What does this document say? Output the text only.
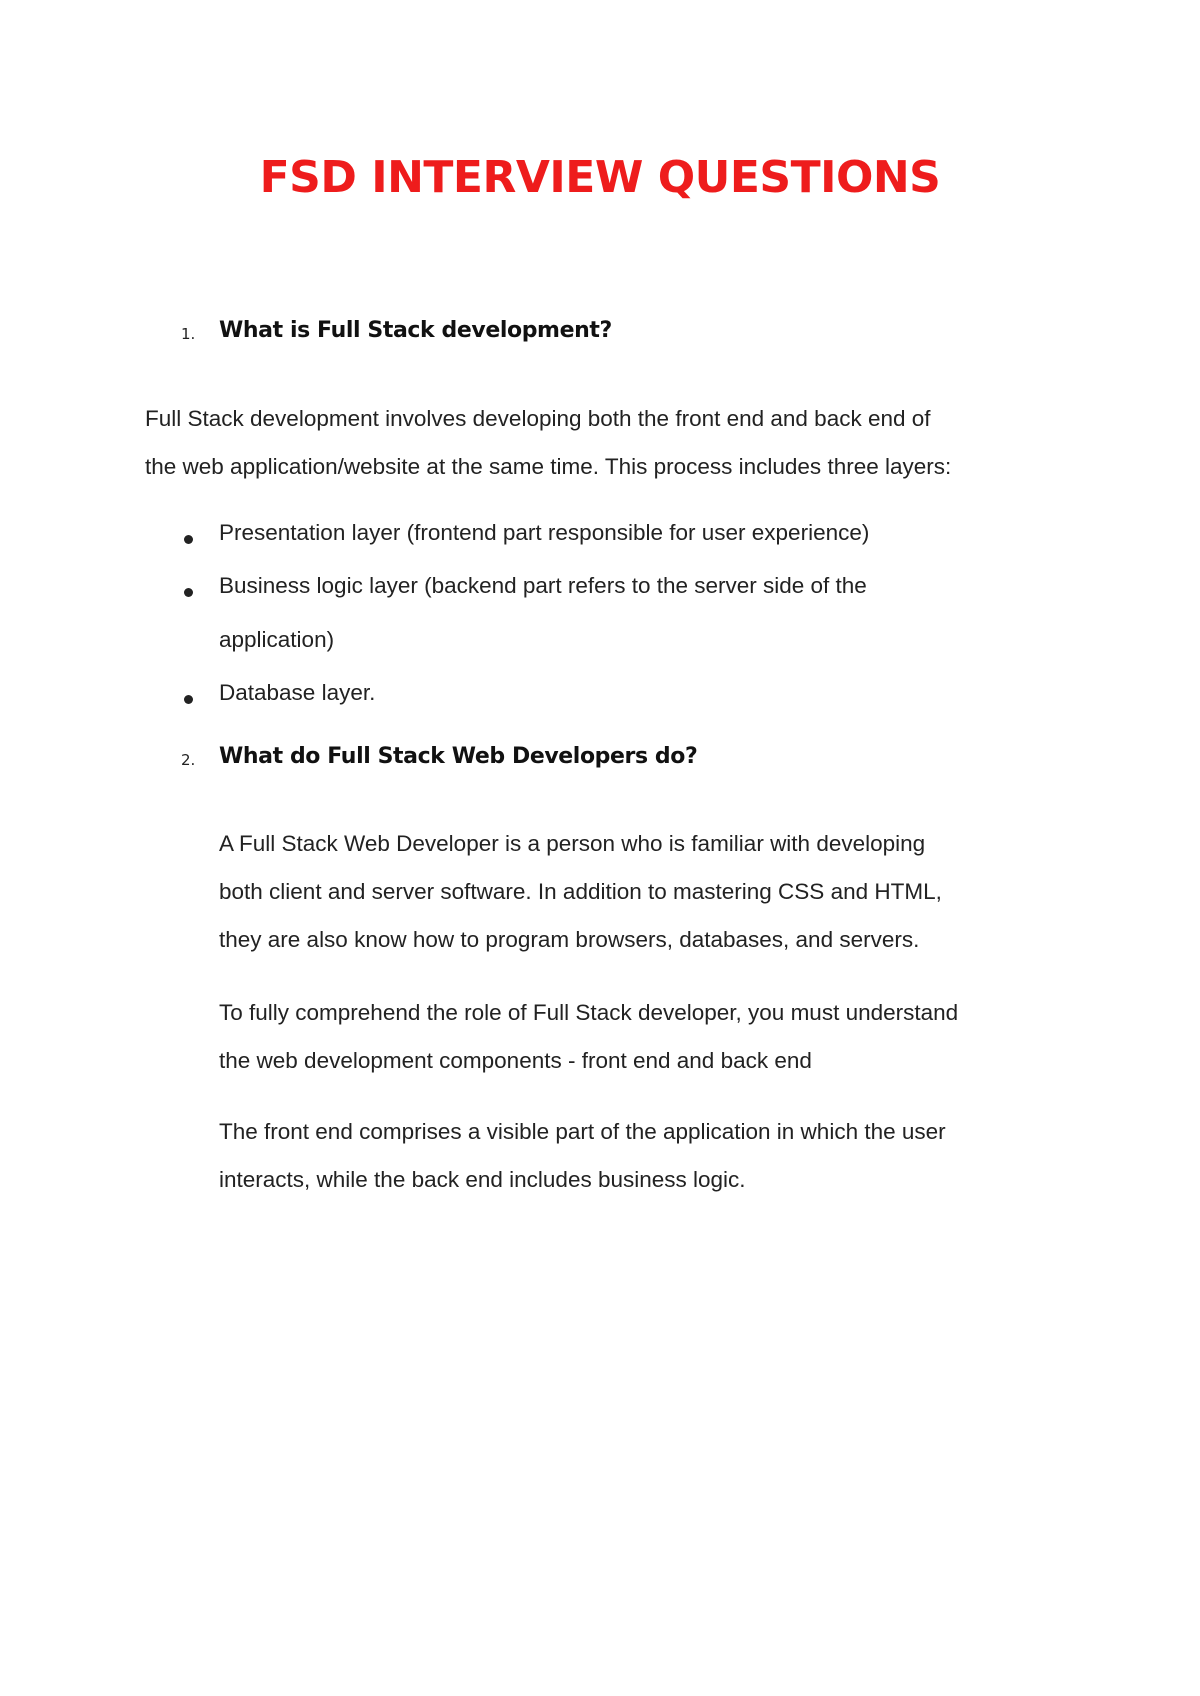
FSD INTERVIEW QUESTIONS
1. What is Full Stack development?
Full Stack development involves developing both the front end and back end of
the web application/website at the same time. This process includes three layers:
Presentation layer (frontend part responsible for user experience)
Business logic layer (backend part refers to the server side of the
application)
Database layer.
2. What do Full Stack Web Developers do?
A Full Stack Web Developer is a person who is familiar with developing
both client and server software. In addition to mastering CSS and HTML,
they are also know how to program browsers, databases, and servers.
To fully comprehend the role of Full Stack developer, you must understand
the web development components - front end and back end
The front end comprises a visible part of the application in which the user
interacts, while the back end includes business logic.
